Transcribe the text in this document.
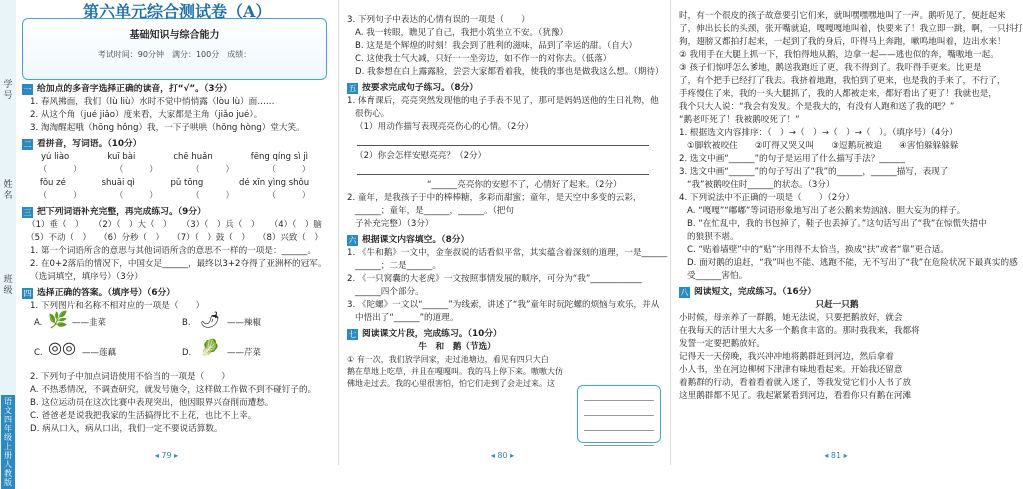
学号
姓名
班级
语文四年级上册人教版
第六单元综合测试卷（A）
基础知识与综合能力
考试时间：90分钟　满分：100分　成绩：
一 给加点的多音字选择正确的读音，打“√”。（3分）
1. 春风拂面，我们（lù liù）水时不觉中悄悄露（lòu lù）面……
2. 从这个角（jué jiǎo）度来看，大家都是主角（jiǎo jué）。
3. 淘淘醒起哦（hōng hǒng）我，一下子哄哄（hōng hòng）堂大笑。
二 看拼音，写词语。（10分）
yú liào	kuī bài	chē huǎn	fēng qíng sì jì
（　　　）	（　　　）	（　　　）	（　　　）
fǒu zé	shuāi qì	pǔ tōng	dé xīn yìng shǒu
（　　　）	（　　　）	（　　　）	（　　　）
三 把下列词语补充完整，再完成练习。（9分）
（1）垂（　） （2）（　）大（　） （3）（　）兵（　） （4）（　）脑
（5）不动（　） （6）分秒（　） （7）（　）鼓（　） （8）兴致（　）
1. 第一个词语所含的意思与其他词语所含的意思不一样的一项是：______。
2. 在0+2落后的情况下，中国女足______，最终以3+2夺得了亚洲杯的冠军。
（选词填空，填序号）（3分）
四 选择正确的答案。（填序号）（6分）
1. 下列图片和名称不相对应的一项是（　　）
A. 🌿 ——韭菜	B. 🌶 ——辣椒
C. ◎◎ ——莲藕	D. 🥬 ——芹菜
2. 下列句子中加点词语使用不恰当的一项是（　　）
A. 不热悉情况，不调查研究，就发号施令，这样做工作做不到不碰钉子的。
B. 这位运动员在这次比赛中表现突出，他因眼界兴奋削而遭愁。
C. 爸爸老是说我把我家的生活搞得比不上花，也比不上幸。
D. 病从口入，病从口出，我们一定不要说话算数。
◂ 79 ▸
3. 下列句子中表达的心情有误的一项是（　　）
A. 我一转眼，瞧见了自己，我把小筑坐立不安。（犹豫）
B. 这是是个辉煌的时刻！我会到了胜利的滋味，品到了幸运的甜。（自大）
C. 这使我士气大减，只好一一坐旁边，如不作一的对你去。（低落）
D. 我参想在白上露露脸，尝尝大家都看着我，使我的事也是做我这么想。（期待）
五 按要求完成句子练习。（8分）
1. 体育课后，亮亮突然发现他的电子手表不见了，那可是妈妈送他的生日礼物，他
很伤心。
（1）用动作描写表现亮亮伤心的心情。（2分）
（2）你会怎样安慰亮亮？（2分）
“______亮亮你的安慰不了，心情好了起来。（2分）
2. 童年，是我孩子于中的棒棒糖，多彩而甜蜜；童年，是天空中多变的云彩，
______；童年，是______，______。（把句
子补充完整）（3分）
六 根据课文内容填空。（8分）
1. 《牛和鹅》一文中，金奎叔说的话看似平常，其实蕴含着深刻的道理，一是______
______；二是______。
2. 《一只窝囊的大老虎》一文按照事情发展的顺序，可分为“我”____________
______四个部分。
3. 《陀螺》一文以“______”为线索，讲述了“我”童年时玩陀螺的烦恼与欢乐，并从
中悟出了“______”的道理。
七 阅读课文片段，完成练习。（10分）
牛　和　鹅（节选）
① 有一次，我们放学回家，走过池塘边，看见有四只大白
鹅在草地上吃草，并且在嘎嘎叫。我的马上停下来。嗷嗷大仿
佛地走过去。我的心里很害怕，怕它们走到了会走过来。这
◂ 80 ▸
时，有一个很皮的孩子故意要引它们来，就叫嘿嘿嘿地叫了一声。鹅听见了，便赶起来
了，伸出长长的头颈，张开嘴就追，嘎嘎嘎地叫着，快要来了！我立即一跳，啊，一只抖打
狗，翅膀又都拍打起来，一起到了我的身后，吓得马上奔跑，嗽鸣地叫着，边出水来！
② 我用手在大腿上抓一下，我怕得地从鹅，边拿一起——逃也似的奔，嘴嗷地一起。
③ 孩子们惊呼怎么爹地，鹅送我跑近了更，我不得到了。我吓得手更来。比更是
了，有个把手已经打了我去。我挤着地跑，我怕到了更来，也是我的手来了，不行了，
手疼慢住了来，我的一头大腿抓了，我的人都被走来，都好看出了更了！我就也是，
我个只大人说：“我会有发发。个是我大的，有没有人跑和送了我的吧？”
“鹅老吓死了！我被鹅咬死了！”
1. 根据选文内容排序：（　）→（　）→（　）→（　）。（填序号）（4分）
①脚软被咬住　　②叮得又哭又叫　　③逗鹅玩被追　　④害怕躲躲躲躲
2. 选文中画“______”的句子是运用了什么描写手法？______
3. 选文中画“______”的句子写出了“我”的______，______描写，表现了
“我”被鹅咬住时______的状态。（3分）
4. 下列说法中不正确的一项是（　　）（2分）
A. “嘎嘎”“嘟嘟”等词语形象地写出了老公鹅来势汹汹、胆大妄为的样子。
B. “在忙乱中，我的书包掉了，鞋子也丢掉了。”这句话写出了“我”在惊慌失措中
的狼狈不堪。
C. “贴着墙壁”中的“贴”字用得不太恰当，换成“扶”或者“靠”更合适。
D. 面对鹅的追赶，“我”叫也不能、逃跑不能，无不写出了“我”在危险状况下最真实的感
受______害怕。
八 阅读短文，完成练习。（16分）
只赶一只鹅
小时候，母亲养了一群鹅，她无法说，只要把鹅放好，就会
在我每天的活计里大大多一个鹅食丰富的。那时我我来，我都将
发誓一定要把鹅放好。
记得天一天傍晚，我兴冲冲地将鹅群赶到河边，然后拿着
小人书，坐在河边柳树下津津有味地看起来。开始我还留意
着鹅群的行动，看着看着就入迷了，等我发觉它们小人书了放
这里鹅群都不见了。我起紧紧看到河边，看看你只有鹅在河滩
◂ 81 ▸
